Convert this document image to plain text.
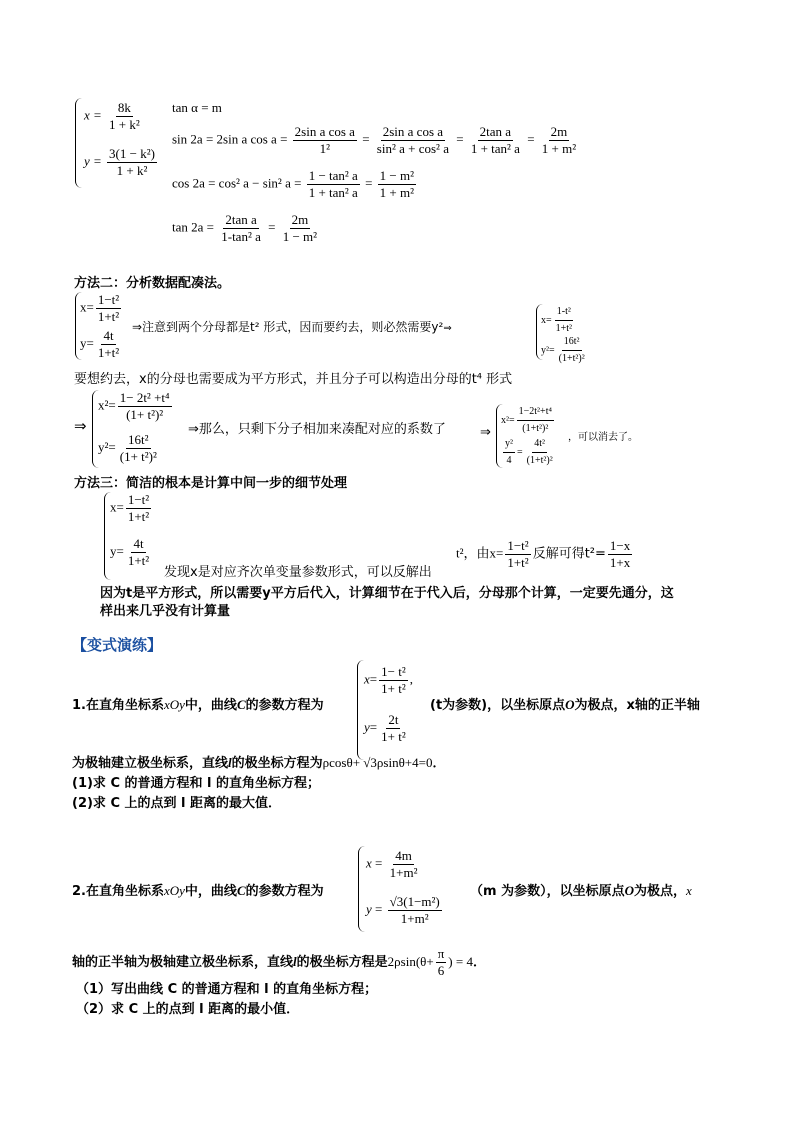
$x = \frac{8k}{\text{1 + k²}}$
$y = \frac{\text{3(1 − k²)}}{\text{1 + k²}}$
tan α = m
sin 2a = 2sin a $\cos a = \frac{\text{2sin a cos a}}{\text{1²}} = \frac{\text{2sin a cos a}}{\text{sin² a + cos² a}} = \frac{\text{2tan a}}{\text{1 + tan² a}} = \frac{2m}{\text{1 + m²}}$
cos 2a = cos² a − sin² $a = \frac{\text{1 − tan² a}}{\text{1 + tan² a}} = \frac{\text{1 − m²}}{\text{1 + m²}}$
$\tan 2a = \frac{\text{2tan a}}{\text{1-tan² a}} = \frac{2m}{\text{1 − m²}}$
方法二：分析数据配凑法。
$x= \frac{\text{1−t²}}{\text{1+t²}}$
$y= \frac{4t}{\text{1+t²}}$
⇒注意到两个分母都是t² 形式，因而要约去，则必然需要y²⇒
$x= \frac{\text{1-t²}}{\text{1+t²}}$
$y^2= \frac{\text{16t²}}{\text{(1+t²)²}}$
要想约去，x的分母也需要成为平方形式，并且分子可以构造出分母的t⁴ 形式
⇒
$x^2= \frac{\text{1− 2t² +t⁴}}{\text{(1+ t²)²}}$
$y^2= \frac{\text{16t²}}{\text{(1+ t²)²}}$
⇒那么，只剩下分子相加来凑配对应的系数了	⇒
$x^2= \frac{\text{1−2t²+t⁴}}{\text{(1+t²)²}}$
$\frac{\text{y²}}{4} = \frac{\text{4t²}}{\text{(1+t²)²}}$ ，可以消去了。
方法三：简洁的根本是计算中间一步的细节处理
$x= \frac{\text{1−t²}}{\text{1+t²}}$
$y= \frac{4t}{\text{1+t²}}$
发现x是对应齐次单变量参数形式，可以反解出
t²，由$x= \frac{\text{1−t²}}{\text{1+t²}}$ 反解可得$t^2= \frac{1-x}{1+x}$
因为t是平方形式，所以需要y平方后代入，计算细节在于代入后，分母那个计算，一定要先通分，这
样出来几乎没有计算量
【变式演练】
1.在直角坐标系xOy中，曲线C的参数方程为
$x= \frac{\text{1− t²}}{\text{1+ t²}}$ ,
$y= \frac{2t}{\text{1+ t²}}$
(t为参数)，以坐标原点O为极点，x轴的正半轴
为极轴建立极坐标系，直线l的极坐标方程为ρcosθ+ √3ρsinθ+4=0．
(1)求 C 的普通方程和 l 的直角坐标方程；
(2)求 C 上的点到 l 距离的最大值．
2.在直角坐标系xOy中，曲线C的参数方程为
$x = \frac{4m}{\text{1+m²}}$
$y = \frac{\text{√3(1−m²)}}{\text{1+m²}}$
（m 为参数），以坐标原点O为极点，x
轴的正半轴为极轴建立极坐标系，直线l的极坐标方程是$2\rho\sin(\theta+ \frac{\pi}{6}$ ) = 4．
（1）写出曲线 C 的普通方程和 l 的直角坐标方程；
（2）求 C 上的点到 l 距离的最小值．
